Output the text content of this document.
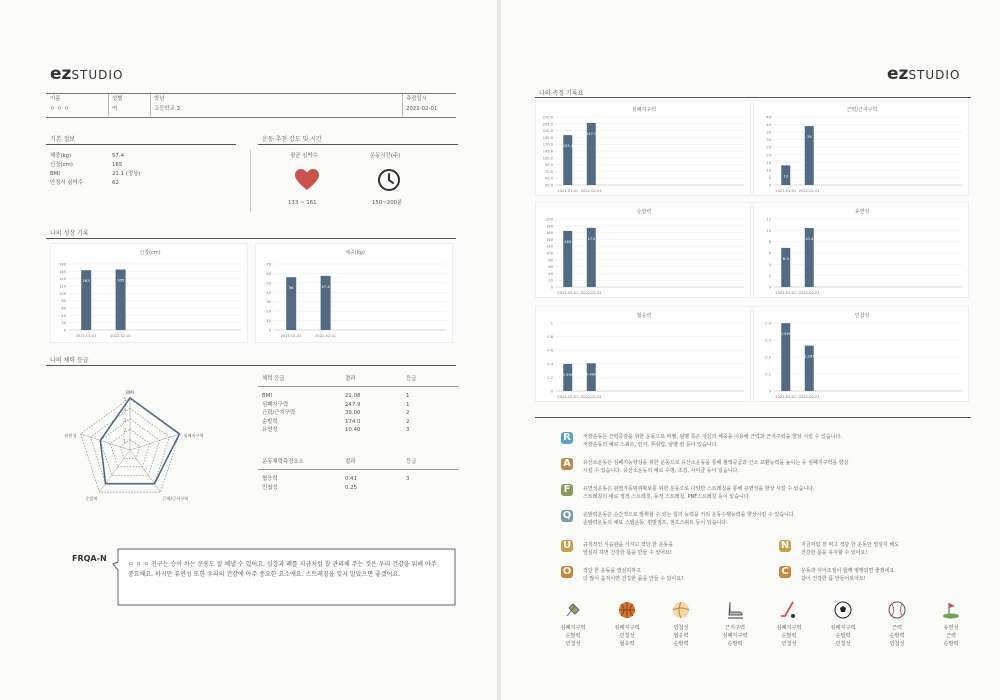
ezSTUDIO
이름
ㅇ ㅇ ㅇ
성별
여
학년
고등학교 3
측정일시
2022-02-01
기본 정보
체중(kg)	57.4
신장(cm)	165
BMI	21.1 (정상)
안정시 심박수	62
운동 추천 강도 및 시간
평균 심박수
133 ~ 161
운동시간(주)
150~200분
나의 성장 기록
신장(cm)
180
160
140
120
100
80
60
40
20
0
163
2021-01-01
165
2022-02-01
체중(kg)
70
60
50
40
30
20
10
0
56
2021-01-01
57.4
2022-02-01
나의 체력 등급
5
4
3
2
1
BMI
심폐지구력
근력/근지구력
순발력
유연성
체력 등급	결과	등급
BMI	21.08	1
심폐지구력	247.9	1
근력/근지구력	39.00	2
순발력	174.0	2
유연성	10.40	3
운동체력측정요소	결과	등급
협응력	0.41	3
민첩성	0.25
FRQA-N
ㅇ ㅇ ㅇ 친구는 승이 차는 운동도 잘 해낼 수 있어요. 심장과 폐를 지금처럼 잘 관리해 주는 것은 우리 건강을 위해 아주 중요해요. 하지만 유연성 또한 우리의 건강에 아주 중요한 요소에요. 스트레칭을 잊지 말았으면 좋겠어요.
ezSTUDIO
나의 측정 기록표
심폐지구력
270.0
245.0
220.0
195.0
170.0
145.0
120.0
95.0
70.0
45.0
20.0
203.4
2021-01-01
247.9
2022-02-01
근력/근지구력
45
40
35
30
25
20
15
10
5
0
13
2021-01-01
39
2022-02-01
순발력
200
180
160
140
120
100
80
60
40
20
0
165
2021-01-01
174
2022-02-01
유연성
12
10
8
6
4
2
0
6.9
2021-01-01
10.4
2022-02-01
협응력
1
0.8
0.6
0.4
0.2
0
0.399
2021-01-01
0.408
2022-02-01
민첩성
0.4
0.3
0.2
0.1
0
0.399
2021-01-01
0.267
2022-02-01
R	저항운동은 근력증감을 위한 운동으로 바벨, 덤벨 혹은 자신의 체중을 이용해 근력과 근지구력을 향상 시킬 수 있습니다.
저항운동의 예로 스쿼트, 런지, 푸쉬업, 덤벨 컬 등이 있습니다.
A	유산소운동은 심폐기능향상을 위한 운동으로 유산소운동을 통해 혈액공급과 산소 교환능력을 높이는 등 심폐지구력을 향상
시킬 수 있습니다. 유산소운동의 예로 수영, 조깅, 사이클 등이 있습니다.
F	유연성운동은 관절가동범위확보를 위한 운동으로 다양한 스트레칭을 통해 유연성을 향상 시킬 수 있습니다.
스트레칭의 예로 정적 스트레칭, 동적 스트레칭, PNF스트레칭 등이 있습니다.
Q	순발력운동은 순간적으로 발휘할 수 있는 힘의 능력을 키워 운동수행능력을 향상시킬 수 있습니다.
순발력운동의 예로 스텝운동, 편발점프, 점프스쿼트 등이 있습니다.
U	규칙적인 식습관을 가지고 적당 한 운동을
열심히 하면 건강한 몸을 만들 수 있어요!
N	지금처럼 잘 먹고 적당 한 운동만 열심히 해도
건강한 몸을 유지할 수 있어요!
O	적당 한 운동을 열심히하고
더 많이 움직이면 건강한 몸을 만들 수 있어요!
C	운동과 식이조절이 함께 병행되면 좋겠네요
같이 건강한 몸 만들어보아요!
심폐지구력
순발력
민첩성
심폐지구력
민첩성
협응력
민첩성
협응력
순발력
근지구력
심폐지구력
순발력
심폐지구력
순발력
민첩성
심폐지구력
순발력
민첩성
근력
순발력
민첩성
유연성
근력
순발력
